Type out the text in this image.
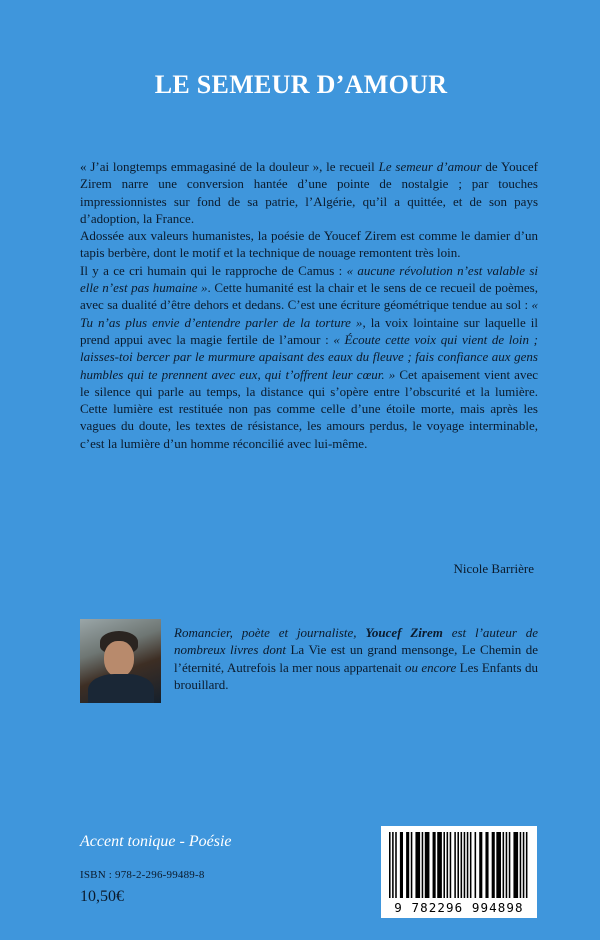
LE SEMEUR D’AMOUR

« J’ai longtemps emmagasiné de la douleur », le recueil Le semeur d’amour de Youcef Zirem narre une conversion hantée d’une pointe de nostalgie ; par touches impressionnistes sur fond de sa patrie, l’Algérie, qu’il a quittée, et de son pays d’adoption, la France.

Adossée aux valeurs humanistes, la poésie de Youcef Zirem est comme le damier d’un tapis berbère, dont le motif et la technique de nouage remontent très loin.

Il y a ce cri humain qui le rapproche de Camus : « aucune révolution n’est valable si elle n’est pas humaine ». Cette humanité est la chair et le sens de ce recueil de poèmes, avec sa dualité d’être dehors et dedans. C’est une écriture géométrique tendue au sol : « Tu n’as plus envie d’entendre parler de la torture », la voix lointaine sur laquelle il prend appui avec la magie fertile de l’amour : « Écoute cette voix qui vient de loin ; laisses-toi bercer par le murmure apaisant des eaux du fleuve ; fais confiance aux gens humbles qui te prennent avec eux, qui t’offrent leur cœur. » Cet apaisement vient avec le silence qui parle au temps, la distance qui s’opère entre l’obscurité et la lumière. Cette lumière est restituée non pas comme celle d’une étoile morte, mais après les vagues du doute, les textes de résistance, les amours perdus, le voyage interminable, c’est la lumière d’un homme réconcilié avec lui-même.

Nicole Barrière
Romancier, poète et journaliste, Youcef Zirem est l’auteur de nombreux livres dont La Vie est un grand mensonge, Le Chemin de l’éternité, Autrefois la mer nous appartenait ou encore Les Enfants du brouillard.
Accent tonique - Poésie
ISBN : 978-2-296-99489-8
10,50€
9 782296 994898
